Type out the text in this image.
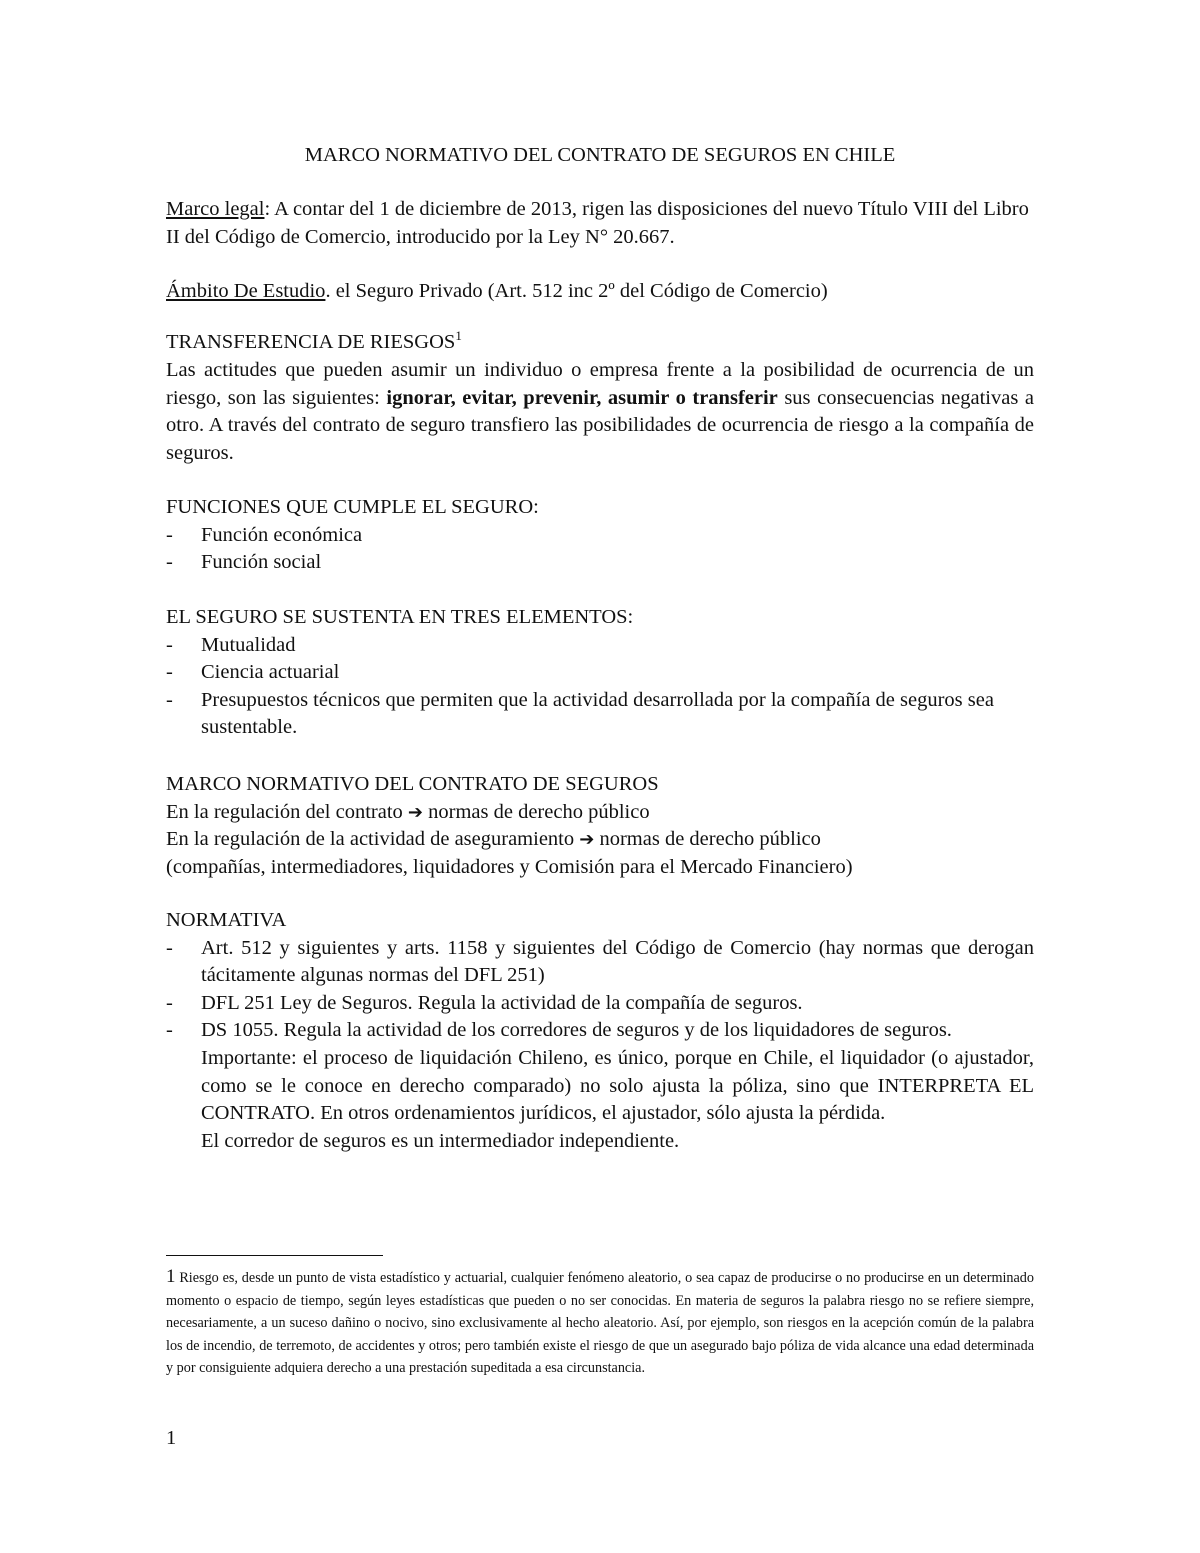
MARCO NORMATIVO DEL CONTRATO DE SEGUROS EN CHILE

Marco legal: A contar del 1 de diciembre de 2013, rigen las disposiciones del nuevo Título VIII del Libro II del Código de Comercio, introducido por la Ley N° 20.667.

Ámbito De Estudio. el Seguro Privado (Art. 512 inc 2º del Código de Comercio)

TRANSFERENCIA DE RIESGOS$^1$

Las actitudes que pueden asumir un individuo o empresa frente a la posibilidad de ocurrencia de un riesgo, son las siguientes: ignorar, evitar, prevenir, asumir o transferir sus consecuencias negativas a otro. A través del contrato de seguro transfiero las posibilidades de ocurrencia de riesgo a la compañía de seguros.

FUNCIONES QUE CUMPLE EL SEGURO:
- Función económica
- Función social
EL SEGURO SE SUSTENTA EN TRES ELEMENTOS:
- Mutualidad
- Ciencia actuarial
- Presupuestos técnicos que permiten que la actividad desarrollada por la compañía de seguros sea sustentable.
MARCO NORMATIVO DEL CONTRATO DE SEGUROS
En la regulación del contrato ➔ normas de derecho público
En la regulación de la actividad de aseguramiento ➔ normas de derecho público
(compañías, intermediadores, liquidadores y Comisión para el Mercado Financiero)
NORMATIVA
- Art. 512 y siguientes y arts. 1158 y siguientes del Código de Comercio (hay normas que derogan tácitamente algunas normas del DFL 251)
- DFL 251 Ley de Seguros. Regula la actividad de la compañía de seguros.
- DS 1055. Regula la actividad de los corredores de seguros y de los liquidadores de seguros.
Importante: el proceso de liquidación Chileno, es único, porque en Chile, el liquidador (o ajustador, como se le conoce en derecho comparado) no solo ajusta la póliza, sino que INTERPRETA EL CONTRATO. En otros ordenamientos jurídicos, el ajustador, sólo ajusta la pérdida.
El corredor de seguros es un intermediador independiente.
1 Riesgo es, desde un punto de vista estadístico y actuarial, cualquier fenómeno aleatorio, o sea capaz de producirse o no producirse en un determinado momento o espacio de tiempo, según leyes estadísticas que pueden o no ser conocidas. En materia de seguros la palabra riesgo no se refiere siempre, necesariamente, a un suceso dañino o nocivo, sino exclusivamente al hecho aleatorio. Así, por ejemplo, son riesgos en la acepción común de la palabra los de incendio, de terremoto, de accidentes y otros; pero también existe el riesgo de que un asegurado bajo póliza de vida alcance una edad determinada y por consiguiente adquiera derecho a una prestación supeditada a esa circunstancia.
1
